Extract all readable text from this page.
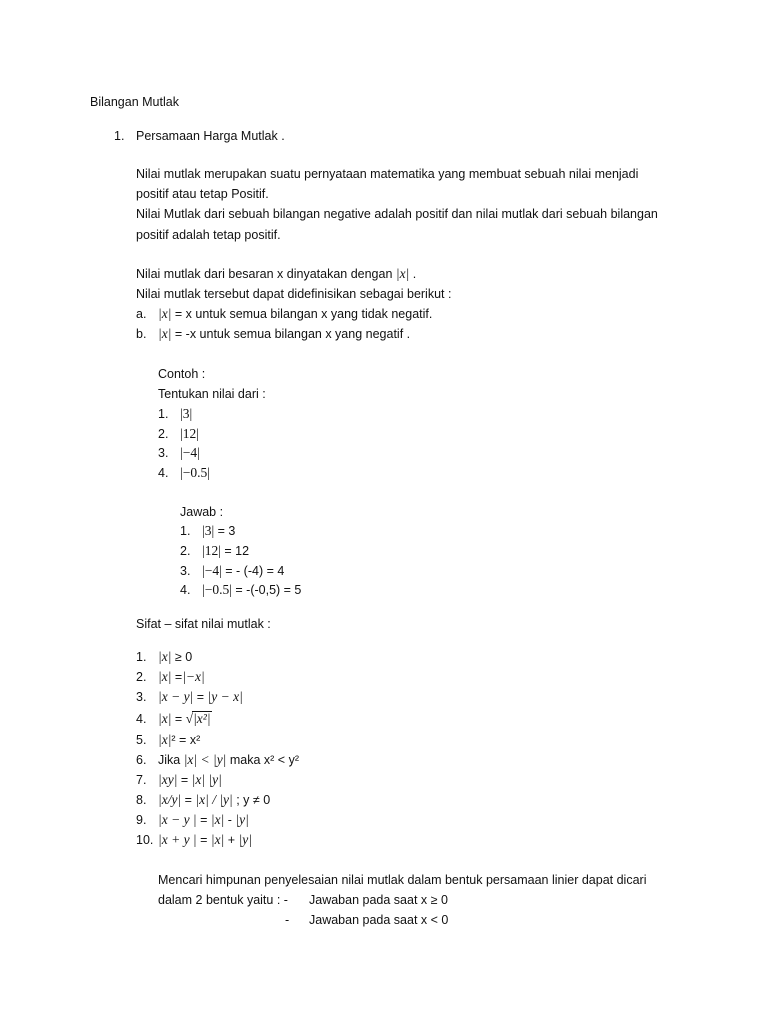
Bilangan Mutlak
1. Persamaan Harga Mutlak .
Nilai mutlak merupakan suatu pernyataan matematika yang membuat sebuah nilai menjadi
positif atau tetap Positif.
Nilai Mutlak dari sebuah bilangan negative adalah positif dan nilai mutlak dari sebuah bilangan
positif adalah tetap positif.
Nilai mutlak dari besaran x dinyatakan dengan |x| .
Nilai mutlak tersebut dapat didefinisikan sebagai berikut :
a. |x| = x untuk semua bilangan x yang tidak negatif.
b. |x| = -x untuk semua bilangan x yang negatif .
Contoh :
Tentukan nilai dari :
1. |3|
2. |12|
3. |−4|
4. |−0.5|
Jawab :
1. |3| = 3
2. |12| = 12
3. |−4| = - (-4) = 4
4. |−0.5| = -(-0,5) = 5
Sifat – sifat nilai mutlak :
1. |x| ≥ 0
2. |x| =|−x|
3. |x − y| = |y − x|
4. |x| = √|x²|
5. |x|² = x²
6. Jika |x| < |y| maka x² < y²
7. |xy| = |x| |y|
8. |x/y| = |x| / |y| ; y ≠ 0
9. |x − y | = |x| - |y|
10. |x + y | = |x| + |y|
Mencari himpunan penyelesaian nilai mutlak dalam bentuk persamaan linier dapat dicari
dalam 2 bentuk yaitu : - Jawaban pada saat x ≥ 0
- Jawaban pada saat x < 0
